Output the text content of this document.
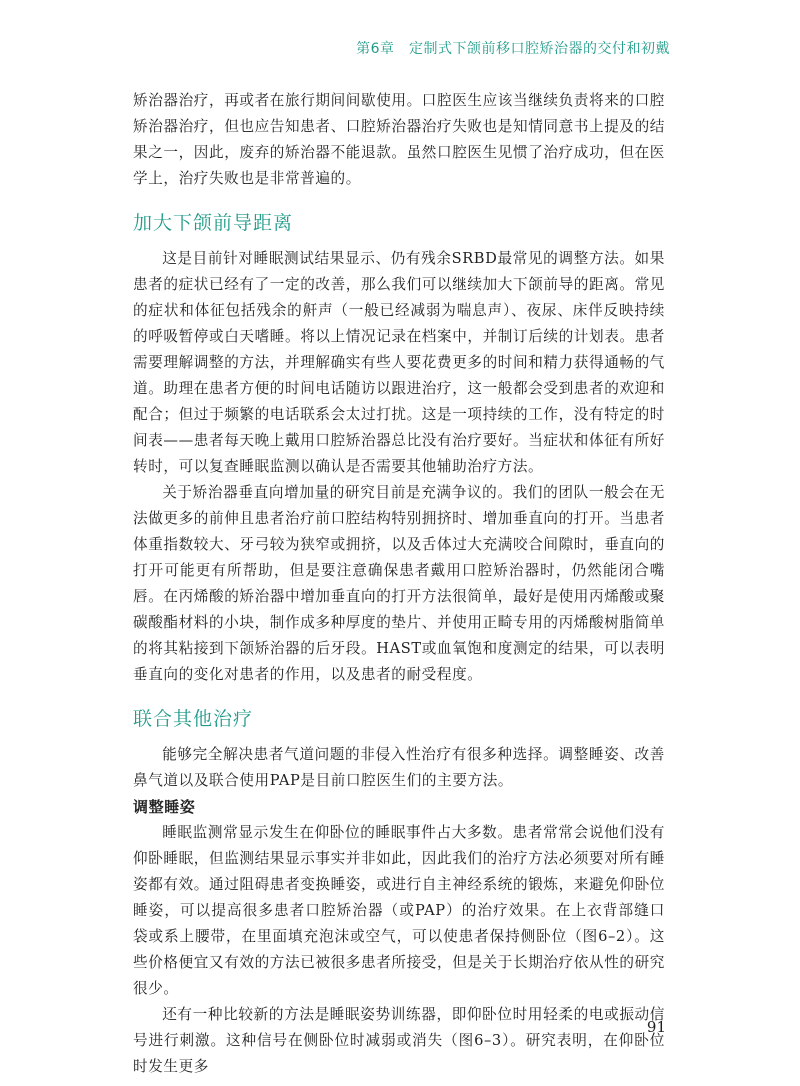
第6章　定制式下颌前移口腔矫治器的交付和初戴

矫治器治疗，再或者在旅行期间间歇使用。口腔医生应该当继续负责将来的口腔矫治器治疗，但也应告知患者、口腔矫治器治疗失败也是知情同意书上提及的结果之一，因此，废弃的矫治器不能退款。虽然口腔医生见惯了治疗成功，但在医学上，治疗失败也是非常普遍的。

加大下颌前导距离

这是目前针对睡眠测试结果显示、仍有残余SRBD最常见的调整方法。如果患者的症状已经有了一定的改善，那么我们可以继续加大下颌前导的距离。常见的症状和体征包括残余的鼾声（一般已经减弱为喘息声）、夜尿、床伴反映持续的呼吸暂停或白天嗜睡。将以上情况记录在档案中，并制订后续的计划表。患者需要理解调整的方法，并理解确实有些人要花费更多的时间和精力获得通畅的气道。助理在患者方便的时间电话随访以跟进治疗，这一般都会受到患者的欢迎和配合；但过于频繁的电话联系会太过打扰。这是一项持续的工作，没有特定的时间表——患者每天晚上戴用口腔矫治器总比没有治疗要好。当症状和体征有所好转时，可以复查睡眠监测以确认是否需要其他辅助治疗方法。

关于矫治器垂直向增加量的研究目前是充满争议的。我们的团队一般会在无法做更多的前伸且患者治疗前口腔结构特别拥挤时、增加垂直向的打开。当患者体重指数较大、牙弓较为狭窄或拥挤，以及舌体过大充满咬合间隙时，垂直向的打开可能更有所帮助，但是要注意确保患者戴用口腔矫治器时，仍然能闭合嘴唇。在丙烯酸的矫治器中增加垂直向的打开方法很简单，最好是使用丙烯酸或聚碳酸酯材料的小块，制作成多种厚度的垫片、并使用正畸专用的丙烯酸树脂简单的将其粘接到下颌矫治器的后牙段。HAST或血氧饱和度测定的结果，可以表明垂直向的变化对患者的作用，以及患者的耐受程度。

联合其他治疗

能够完全解决患者气道问题的非侵入性治疗有很多种选择。调整睡姿、改善鼻气道以及联合使用PAP是目前口腔医生们的主要方法。

调整睡姿

睡眠监测常显示发生在仰卧位的睡眠事件占大多数。患者常常会说他们没有仰卧睡眠，但监测结果显示事实并非如此，因此我们的治疗方法必须要对所有睡姿都有效。通过阻碍患者变换睡姿，或进行自主神经系统的锻炼，来避免仰卧位睡姿，可以提高很多患者口腔矫治器（或PAP）的治疗效果。在上衣背部缝口袋或系上腰带，在里面填充泡沫或空气，可以使患者保持侧卧位（图6–2）。这些价格便宜又有效的方法已被很多患者所接受，但是关于长期治疗依从性的研究很少。

还有一种比较新的方法是睡眠姿势训练器，即仰卧位时用轻柔的电或振动信号进行刺激。这种信号在侧卧位时减弱或消失（图6–3）。研究表明，在仰卧位时发生更多

91
